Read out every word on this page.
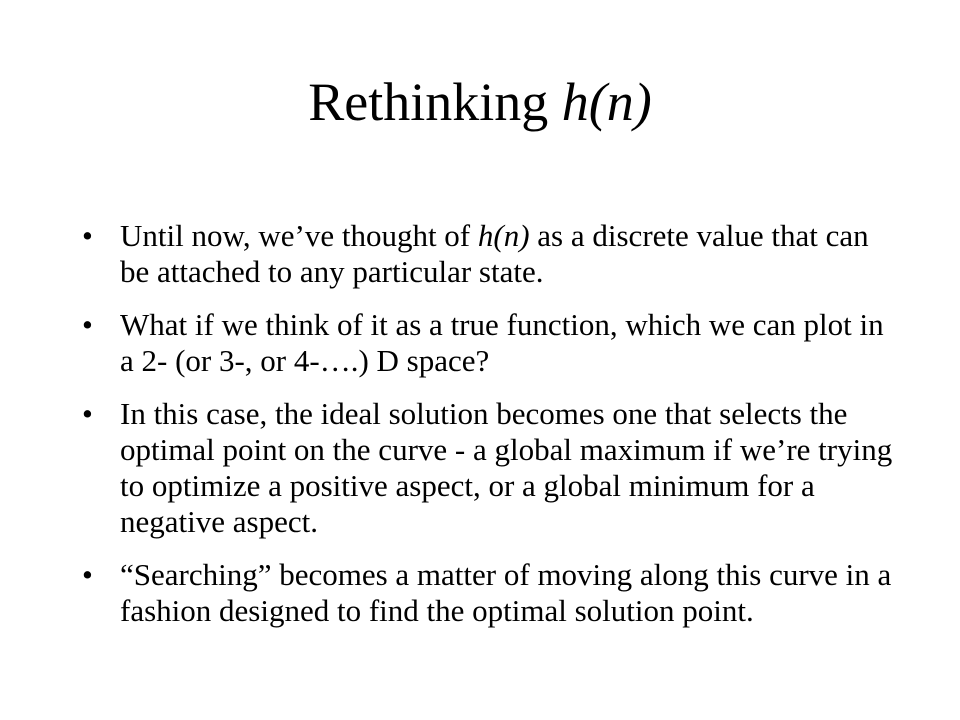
Rethinking h(n)
• Until now, we’ve thought of h(n) as a discrete value that can be attached to any particular state.
• What if we think of it as a true function, which we can plot in a 2- (or 3-, or 4-….) D space?
• In this case, the ideal solution becomes one that selects the optimal point on the curve - a global maximum if we’re trying to optimize a positive aspect, or a global minimum for a negative aspect.
• “Searching” becomes a matter of moving along this curve in a fashion designed to find the optimal solution point.
